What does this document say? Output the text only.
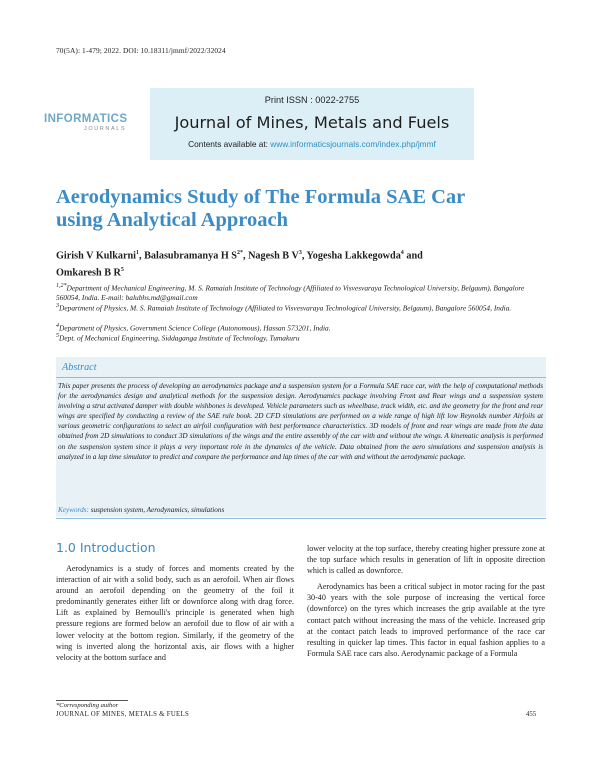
70(5A): 1-479; 2022. DOI: 10.18311/jmmf/2022/32024
INFORMATICS
JOURNALS
Print ISSN : 0022-2755
Journal of Mines, Metals and Fuels
Contents available at: www.informaticsjournals.com/index.php/jmmf
Aerodynamics Study of The Formula SAE Car
using Analytical Approach
Girish V Kulkarni$^1$, Balasubramanya H $S^{2*}$, Nagesh B $V^3$, Yogesha Lakkegowda$^4$ and
Omkaresh B $R^5$
$^{1,2*}$Department of Mechanical Engineering, M. S. Ramaiah Institute of Technology (Affiliated to Visvesvaraya Technological University, Belgaum), Bangalore 560054, India. E-mail: balubhs.md@gmail.com
$^3$Department of Physics, M. S. Ramaiah Institute of Technology (Affiliated to Visvesvaraya Technological University, Belgaum), Bangalore 560054, India.
$^4$Department of Physics, Government Science College (Autonomous), Hassan 573201, India.
$^5$Dept. of Mechanical Engineering, Siddaganga Institute of Technology, Tumakuru
Abstract
This paper presents the process of developing an aerodynamics package and a suspension system for a Formula SAE race car, with the help of computational methods for the aerodynamics design and analytical methods for the suspension design. Aerodynamics package involving Front and Rear wings and a suspension system involving a strut activated damper with double wishbones is developed. Vehicle parameters such as wheelbase, track width, etc. and the geometry for the front and rear wings are specified by conducting a review of the SAE rule book. 2D CFD simulations are performed on a wide range of high lift low Reynolds number Airfoils at various geometric configurations to select an airfoil configuration with best performance characteristics. 3D models of front and rear wings are made from the data obtained from 2D simulations to conduct 3D simulations of the wings and the entire assembly of the car with and without the wings. A kinematic analysis is performed on the suspension system since it plays a very important role in the dynamics of the vehicle. Data obtained from the aero simulations and suspension analysis is analyzed in a lap time simulator to predict and compare the performance and lap times of the car with and without the aerodynamic package.
Keywords: suspension system, Aerodynamics, simulations
1.0 Introduction

Aerodynamics is a study of forces and moments created by the interaction of air with a solid body, such as an aerofoil. When air flows around an aerofoil depending on the geometry of the foil it predominantly generates either lift or downforce along with drag force. Lift as explained by Bernoulli's principle is generated when high pressure regions are formed below an aerofoil due to flow of air with a lower velocity at the bottom region. Similarly, if the geometry of the wing is inverted along the horizontal axis, air flows with a higher velocity at the bottom surface and

lower velocity at the top surface, thereby creating higher pressure zone at the top surface which results in generation of lift in opposite direction which is called as downforce.

Aerodynamics has been a critical subject in motor racing for the past 30-40 years with the sole purpose of increasing the vertical force (downforce) on the tyres which increases the grip available at the tyre contact patch without increasing the mass of the vehicle. Increased grip at the contact patch leads to improved performance of the race car resulting in quicker lap times. This factor in equal fashion applies to a Formula SAE race cars also. Aerodynamic package of a Formula

*Corresponding author
JOURNAL OF MINES, METALS & FUELS	455
